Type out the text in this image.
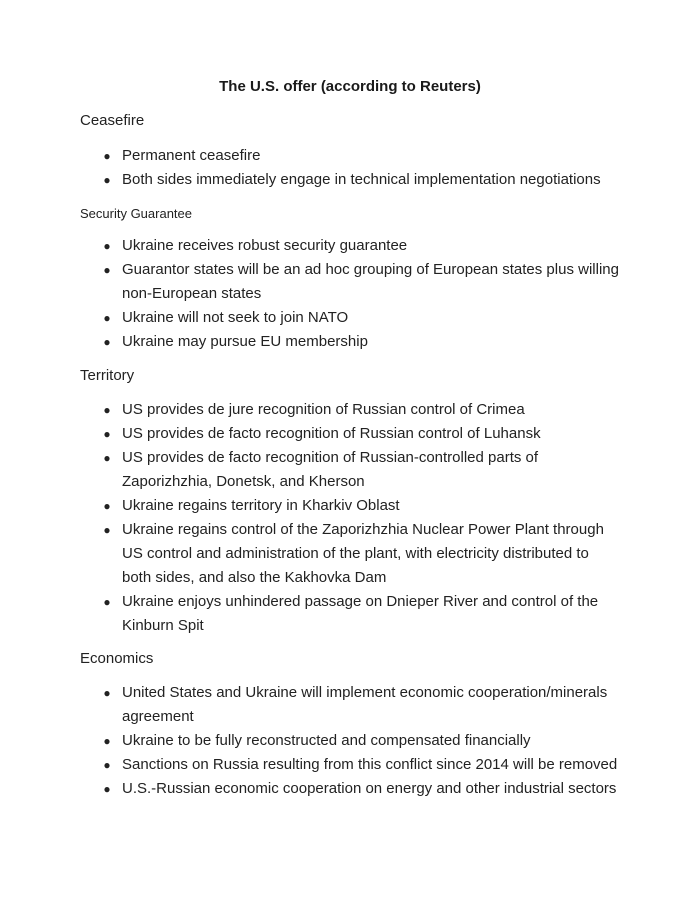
The U.S. offer (according to Reuters)
Ceasefire
● Permanent ceasefire
● Both sides immediately engage in technical implementation negotiations
Security Guarantee
● Ukraine receives robust security guarantee
● Guarantor states will be an ad hoc grouping of European states plus willing non-European states
● Ukraine will not seek to join NATO
● Ukraine may pursue EU membership
Territory
● US provides de jure recognition of Russian control of Crimea
● US provides de facto recognition of Russian control of Luhansk
● US provides de facto recognition of Russian-controlled parts of Zaporizhzhia, Donetsk, and Kherson
● Ukraine regains territory in Kharkiv Oblast
● Ukraine regains control of the Zaporizhzhia Nuclear Power Plant through US control and administration of the plant, with electricity distributed to both sides, and also the Kakhovka Dam
● Ukraine enjoys unhindered passage on Dnieper River and control of the Kinburn Spit
Economics
● United States and Ukraine will implement economic cooperation/minerals agreement
● Ukraine to be fully reconstructed and compensated financially
● Sanctions on Russia resulting from this conflict since 2014 will be removed
● U.S.-Russian economic cooperation on energy and other industrial sectors
